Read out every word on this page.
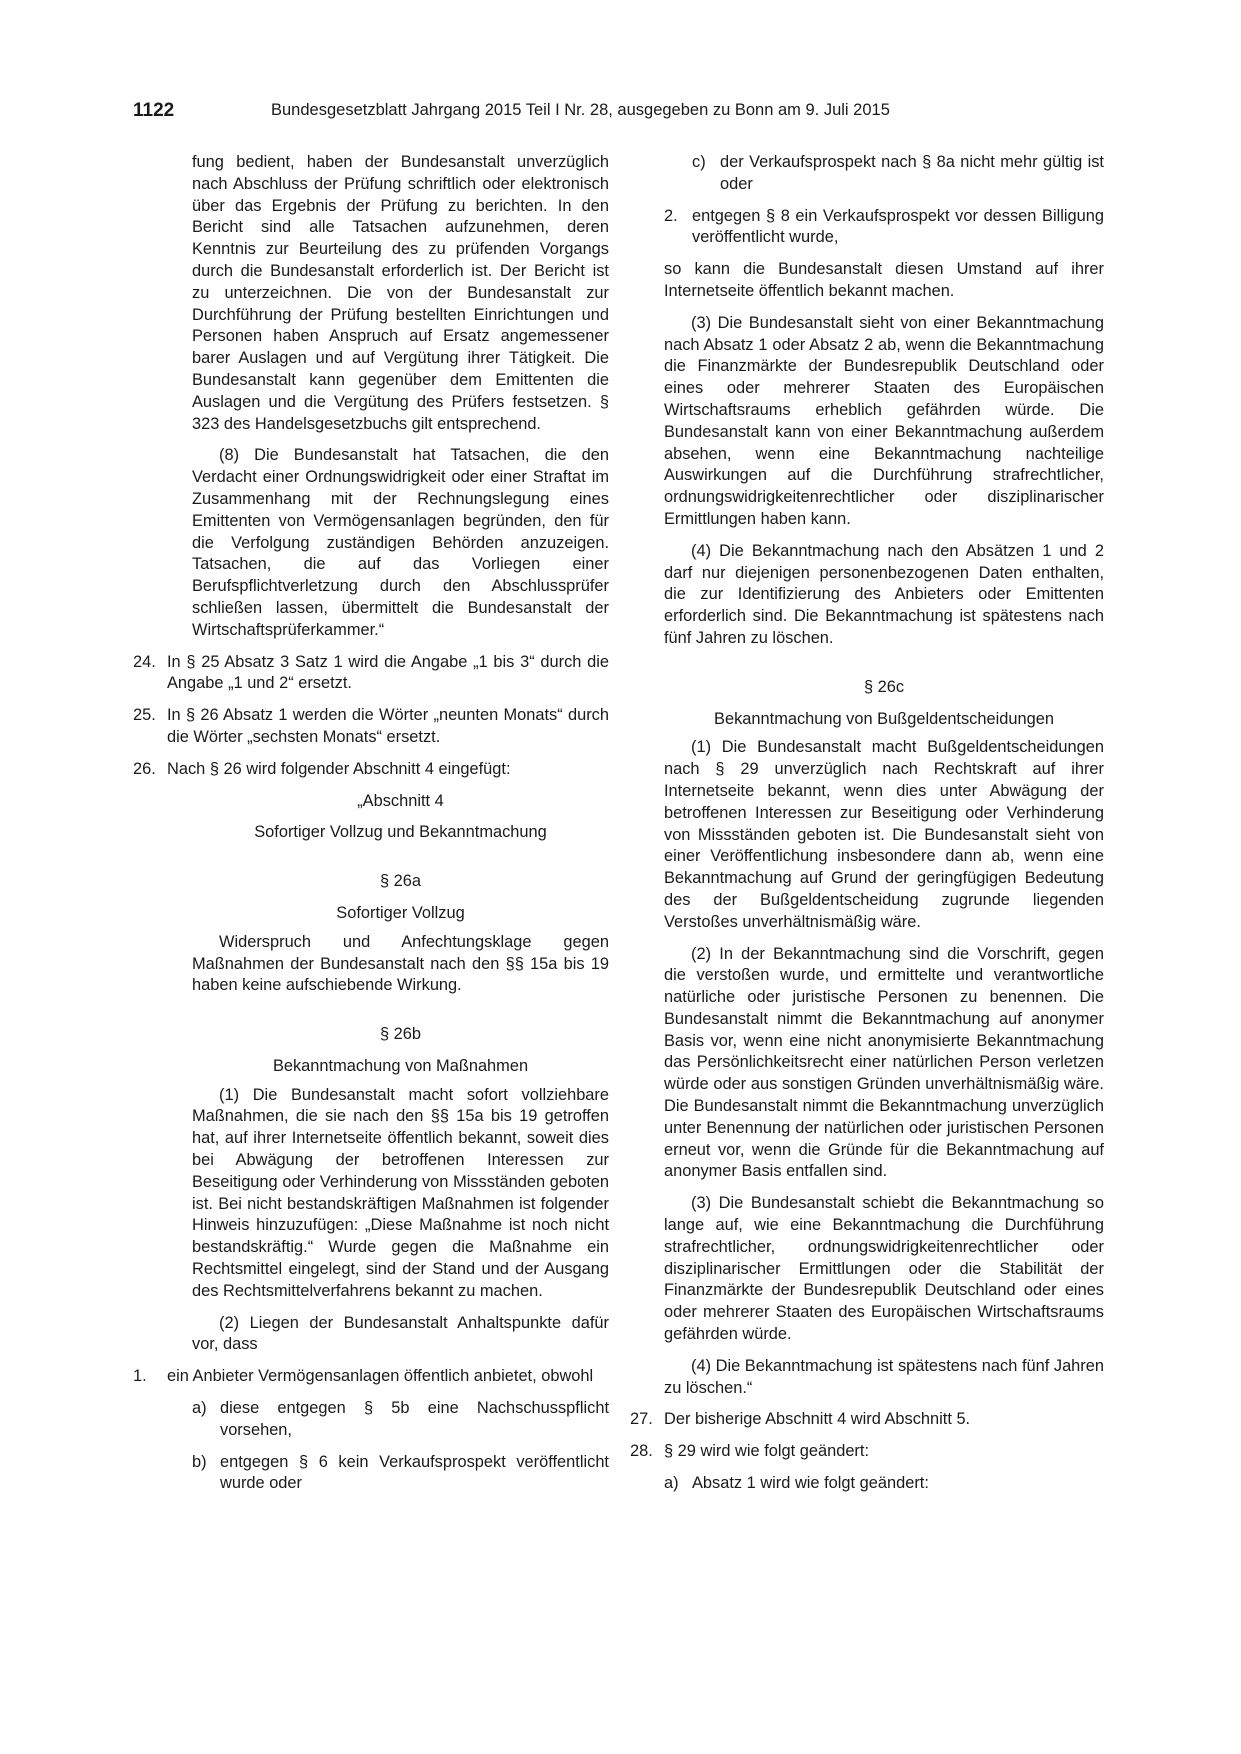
1122	Bundesgesetzblatt Jahrgang 2015 Teil I Nr. 28, ausgegeben zu Bonn am 9. Juli 2015

fung bedient, haben der Bundesanstalt unverzüglich nach Abschluss der Prüfung schriftlich oder elektronisch über das Ergebnis der Prüfung zu berichten. In den Bericht sind alle Tatsachen aufzunehmen, deren Kenntnis zur Beurteilung des zu prüfenden Vorgangs durch die Bundesanstalt erforderlich ist. Der Bericht ist zu unterzeichnen. Die von der Bundesanstalt zur Durchführung der Prüfung bestellten Einrichtungen und Personen haben Anspruch auf Ersatz angemessener barer Auslagen und auf Vergütung ihrer Tätigkeit. Die Bundesanstalt kann gegenüber dem Emittenten die Auslagen und die Vergütung des Prüfers festsetzen. § 323 des Handelsgesetzbuchs gilt entsprechend.

(8) Die Bundesanstalt hat Tatsachen, die den Verdacht einer Ordnungswidrigkeit oder einer Straftat im Zusammenhang mit der Rechnungslegung eines Emittenten von Vermögensanlagen begründen, den für die Verfolgung zuständigen Behörden anzuzeigen. Tatsachen, die auf das Vorliegen einer Berufspflichtverletzung durch den Abschlussprüfer schließen lassen, übermittelt die Bundesanstalt der Wirtschaftsprüferkammer.“

24. In § 25 Absatz 3 Satz 1 wird die Angabe „1 bis 3“ durch die Angabe „1 und 2“ ersetzt.
25. In § 26 Absatz 1 werden die Wörter „neunten Monats“ durch die Wörter „sechsten Monats“ ersetzt.
26. Nach § 26 wird folgender Abschnitt 4 eingefügt:

„Abschnitt 4

Sofortiger Vollzug und Bekanntmachung

§ 26a

Sofortiger Vollzug

Widerspruch und Anfechtungsklage gegen Maßnahmen der Bundesanstalt nach den §§ 15a bis 19 haben keine aufschiebende Wirkung.

§ 26b

Bekanntmachung von Maßnahmen

(1) Die Bundesanstalt macht sofort vollziehbare Maßnahmen, die sie nach den §§ 15a bis 19 getroffen hat, auf ihrer Internetseite öffentlich bekannt, soweit dies bei Abwägung der betroffenen Interessen zur Beseitigung oder Verhinderung von Missständen geboten ist. Bei nicht bestandskräftigen Maßnahmen ist folgender Hinweis hinzuzufügen: „Diese Maßnahme ist noch nicht bestandskräftig.“ Wurde gegen die Maßnahme ein Rechtsmittel eingelegt, sind der Stand und der Ausgang des Rechtsmittelverfahrens bekannt zu machen.

(2) Liegen der Bundesanstalt Anhaltspunkte dafür vor, dass

1.	ein Anbieter Vermögensanlagen öffentlich anbietet, obwohl
a) diese entgegen § 5b eine Nachschusspflicht vorsehen,
b) entgegen § 6 kein Verkaufsprospekt veröffentlicht wurde oder
c) der Verkaufsprospekt nach § 8a nicht mehr gültig ist oder
2. entgegen § 8 ein Verkaufsprospekt vor dessen Billigung veröffentlicht wurde,

so kann die Bundesanstalt diesen Umstand auf ihrer Internetseite öffentlich bekannt machen.

(3) Die Bundesanstalt sieht von einer Bekanntmachung nach Absatz 1 oder Absatz 2 ab, wenn die Bekanntmachung die Finanzmärkte der Bundesrepublik Deutschland oder eines oder mehrerer Staaten des Europäischen Wirtschaftsraums erheblich gefährden würde. Die Bundesanstalt kann von einer Bekanntmachung außerdem absehen, wenn eine Bekanntmachung nachteilige Auswirkungen auf die Durchführung strafrechtlicher, ordnungswidrigkeitenrechtlicher oder disziplinarischer Ermittlungen haben kann.

(4) Die Bekanntmachung nach den Absätzen 1 und 2 darf nur diejenigen personenbezogenen Daten enthalten, die zur Identifizierung des Anbieters oder Emittenten erforderlich sind. Die Bekanntmachung ist spätestens nach fünf Jahren zu löschen.

§ 26c

Bekanntmachung von Bußgeldentscheidungen

(1) Die Bundesanstalt macht Bußgeldentscheidungen nach § 29 unverzüglich nach Rechtskraft auf ihrer Internetseite bekannt, wenn dies unter Abwägung der betroffenen Interessen zur Beseitigung oder Verhinderung von Missständen geboten ist. Die Bundesanstalt sieht von einer Veröffentlichung insbesondere dann ab, wenn eine Bekanntmachung auf Grund der geringfügigen Bedeutung des der Bußgeldentscheidung zugrunde liegenden Verstoßes unverhältnismäßig wäre.

(2) In der Bekanntmachung sind die Vorschrift, gegen die verstoßen wurde, und ermittelte und verantwortliche natürliche oder juristische Personen zu benennen. Die Bundesanstalt nimmt die Bekanntmachung auf anonymer Basis vor, wenn eine nicht anonymisierte Bekanntmachung das Persönlichkeitsrecht einer natürlichen Person verletzen würde oder aus sonstigen Gründen unverhältnismäßig wäre. Die Bundesanstalt nimmt die Bekanntmachung unverzüglich unter Benennung der natürlichen oder juristischen Personen erneut vor, wenn die Gründe für die Bekanntmachung auf anonymer Basis entfallen sind.

(3) Die Bundesanstalt schiebt die Bekanntmachung so lange auf, wie eine Bekanntmachung die Durchführung strafrechtlicher, ordnungswidrigkeitenrechtlicher oder disziplinarischer Ermittlungen oder die Stabilität der Finanzmärkte der Bundesrepublik Deutschland oder eines oder mehrerer Staaten des Europäischen Wirtschaftsraums gefährden würde.

(4) Die Bekanntmachung ist spätestens nach fünf Jahren zu löschen.“

27. Der bisherige Abschnitt 4 wird Abschnitt 5.
28. § 29 wird wie folgt geändert:
a) Absatz 1 wird wie folgt geändert:
